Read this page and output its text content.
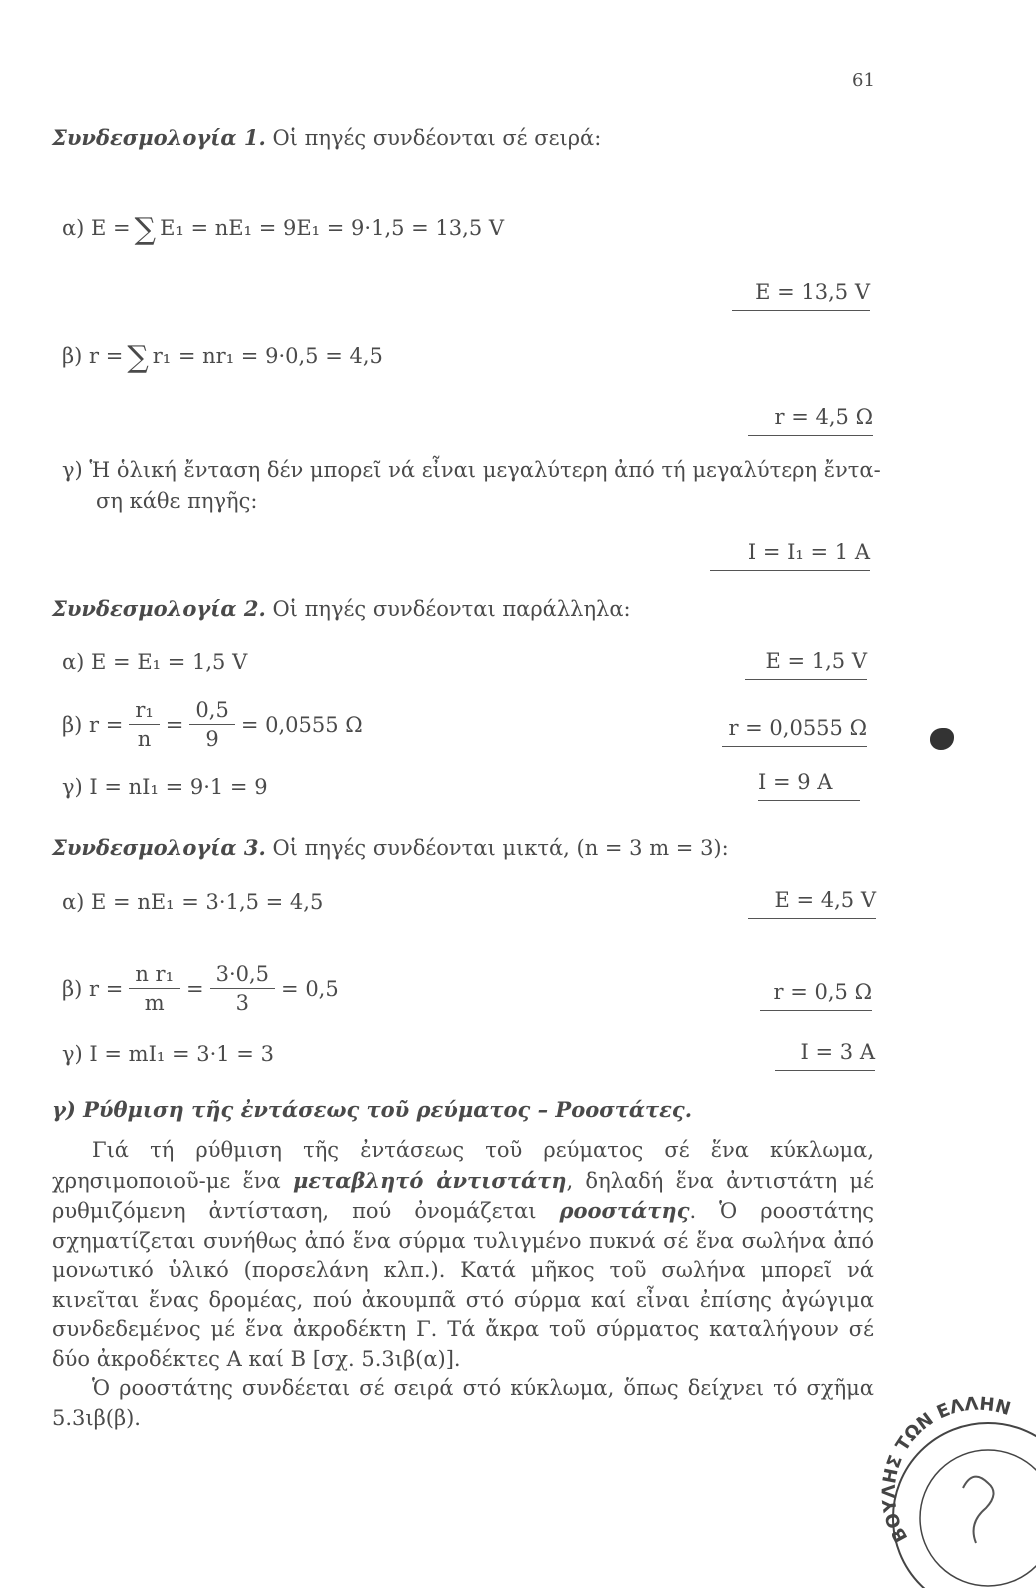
61
Συνδεσμολογία 1. Οἱ πηγές συνδέονται σέ σειρά:
α) E = ∑ E₁ = nE₁ = 9E₁ = 9·1,5 = 13,5 V
E = 13,5 V
β) r = ∑ r₁ = nr₁ = 9·0,5 = 4,5
r = 4,5 Ω
γ) Ἡ ὁλική ἔνταση δέν μπορεῖ νά εἶναι μεγαλύτερη ἀπό τή μεγαλύτερη ἔντα-
ση κάθε πηγῆς:
I = I₁ = 1 A
Συνδεσμολογία 2. Οἱ πηγές συνδέονται παράλληλα:
α) E = E₁ = 1,5 V	E = 1,5 V
β) $r = \frac{\text{r₁}}{n} = \frac{0,5}{9} = 0,0555$ Ω	r = 0,0555 Ω
γ) I = nI₁ = 9·1 = 9	I = 9 A
Συνδεσμολογία 3. Οἱ πηγές συνδέονται μικτά, (n = 3 m = 3):
α) E = nE₁ = 3·1,5 = 4,5	E = 4,5 V
β) $r = \frac{\text{n r₁}}{m} = \frac{3\cdot 0,5}{3} = 0,5$	r = 0,5 Ω
γ) I = mI₁ = 3·1 = 3	I = 3 A
γ) Ρύθμιση τῆς ἐντάσεως τοῦ ρεύματος – Ροοστάτες.

Γιά τή ρύθμιση τῆς ἐντάσεως τοῦ ρεύματος σέ ἕνα κύκλωμα, χρησιμοποιοῦ-με ἕνα μεταβλητό ἀντιστάτη, δηλαδή ἕνα ἀντιστάτη μέ ρυθμιζόμενη ἀντίσταση, πού ὀνομάζεται ροοστάτης. Ὁ ροοστάτης σχηματίζεται συνήθως ἀπό ἕνα σύρμα τυλιγμένο πυκνά σέ ἕνα σωλήνα ἀπό μονωτικό ὑλικό (πορσελάνη κλπ.). Κατά μῆκος τοῦ σωλήνα μπορεῖ νά κινεῖται ἕνας δρομέας, πού ἀκουμπᾶ στό σύρμα καί εἶναι ἐπίσης ἀγώγιμα συνδεδεμένος μέ ἕνα ἀκροδέκτη Γ. Τά ἄκρα τοῦ σύρματος καταλήγουν σέ δύο ἀκροδέκτες A καί B [σχ. 5.3ιβ(α)].

Ὁ ροοστάτης συνδέεται σέ σειρά στό κύκλωμα, ὅπως δείχνει τό σχῆμα 5.3ιβ(β).

ΒΟΥΛΗΣ ΤΩΝ ΕΛΛΗΝ
